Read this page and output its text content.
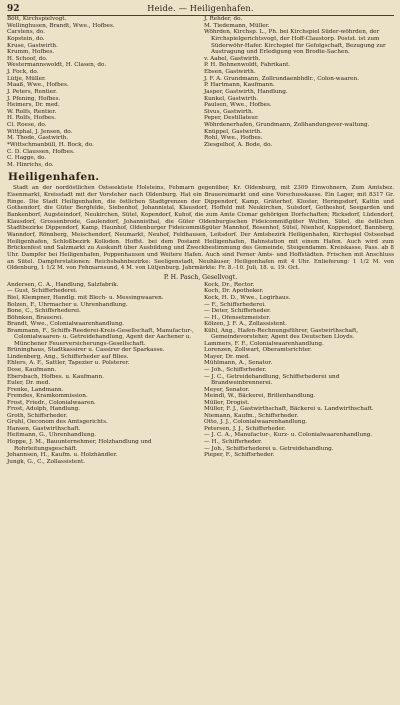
92	Heide. — Heiligenhafen.
Bött, Kirchspielvogt.
Wellinghusen, Brandt, Wwe., Hofbes.
Carstens, do.
Kopstein, do.
Kruse, Gastwirth.
Krumm, Hofbes.
H. Schoof, do.
Westermannswoldt, H. Clasen, do.
J. Fock, do.
Lütje, Müller.
Maaß, Wwe., Hofbes.
J. Peters, Rentier.
J. Pfening, Hofbes.
Heimers, Dr. med.
W. Rolfs, Rentier.
H. Rolfs, Hofbes.
Cl. Roese, do.
Wittphal, J. Jensen, do.
M. Thode, Gastwirth.
*Wittschmanbüll, H. Bock, do.
C. D. Claussen, Hofbes.
C. Hagge, do.
M. Hinrichs, do.
J. Rehder, do.
M. Tiedemann, Müller.
Wöhrden, Kirchsp. L., Ph. bei Kirchspiel Süder-wöhrden, der Kirchspielgerichtsvogt, der Hoff-Claustorp. Postst. ist zum Süderwöhr-Hafer. Kirchspiel für Gefolgschaft, Bezugung zur Austragung und Erledigung von Brodte-Sachen.
v. Aabel, Gastwirth.
P. H. Bohnenwoldt, Fabrikant.
Ebsen, Gastwirth.
J. F. A. Grundmann, Zollrundaenbhdlr., Colon-waaren.
P. Hartmann, Kaufmann.
Jasper, Gastwirth, Handlung.
Kunkel, Gastwirth.
Paulsen, Wwe., Hofbes.
Sivus, Gastwirth.
Peper, Destillateur.
Wöhrdenerhafen, Grundmann, Zollhandungsver-waltung.
Knüppel, Gastwirth.
Rohl, Wwe., Hofbes.
Ziesgelhof, A. Bode, do.
Heiligenhafen.

Stadt an der nordöstlichen Ostseeküste Holsteins, Fehmarn gegenüber, Kr. Oldenburg, mit 2309 Einwohnern, Zum Amtsbez. Eisenmarkt, Kreisstadt mit der Vorsteher nach Oldenburg. Hat ein Brauereimarkt und eine Vorschusskasse. Ein Lager, mit 8317 Gr. Ringe. Die Stadt Heiligenhafen, die östlichen Stadtgrenzen der Dippendorf, Kamp, Gräterhof, Kloster, Heringsdorf, Kattin und Gothendorf, die Güter Bergfelde, Siebenhof, Johannistal, Klausdorf, Hoffeld mit Neukirchen, Sulsdorf, Gotheshof, Seegarden und Bankenborf, Augsteindorf, Neukirchen, Sütel, Kopendorf, Kuhof, die zum Amte Cismar gehörigen Dorfschaften; Ricksdorf, Lüdendorf, Klausdorf, Grossenbrode, Gaulendorf, Johannisthal, die Güter Oldenburgischen Fideicommißgüter Wulfen, Sütel, die östlichen Stadtbezirke Dippendorf, Kamp, Haunhof, Oldenburger Fideicommißgüter Mannhof, Rosenhof, Sütel, Nienhof, Koppendorf, Bannberg, Wanndorf, Rönnberg, Meischendorf, Neumarkt, Neuhof, Feldhausen, Leitsdorf. Der Amtsbezirk Heiligenhafen, Kirchspiel Ostseebad Heiligenhafen, Schloßbezirk Kolloden. Hoffst. bei dem Postamt Heiligenhafen, Bahnstation mit einem Hafen. Auch wird zum Brückenfest und Salzmarkt zu Auskunft über Ausbildung und Zweckbestimmung des Gemeinde, Steigendamm. Kreiskasse, Pass. ab 8 Uhr. Dampfer bei Heiligenhafen, Poppenhausen und Weitere Hafen. Auch sind Ferner Amts- und Hoffstädten. Frischen mit Anschluss an Sütel. Dampferstationen: Reichsbahnbezirke: Seeligenstadt, Neuhäuser, Heiligenhafen mit 4 Uhr. Enlieferung: 1 1/2 M. von Oldenburg, 1 1/2 M. von Fehmarnsund, 4 M. von Lütjenburg. Jahrmärkte: Fr. 8.–10. Juli, 18. u. 19. Oct.

P. H. Pasch, Gesellvogt.
Andersen, C. A., Handlung, Salzfabrik.
— Gust, Schiffsrhederei.
Biel, Klempner, Handlg. mit Blech- u. Messingwaaren.
Bolzen, F., Uhrmacher u. Uhrenhandlung.
Bone, C., Schiffsrhederei.
Böhnken, Brauerei.
Brandt, Wwe., Colonialwaarenhandlung.
Brammann, F., Schiffs-Reederei-Kreis-Gesellschaft, Manufactur-, Colonialwaaren- u. Getreidehandlung, Agent der Aachener u. Münchener Feuerversicherungs-Gesellschaft.
Brüninghaus, Stadtkassirer u. Cassirer der Sparkasse.
Lindenberg, Ang., Schiffsrheder auf Blies.
Ehlers, A. F., Sattler, Tapezier u. Polsterer.
Dose, Kaufmann.
Ebersbach, Hofbes. u. Kaufmann.
Euler, Dr. med.
Frenke, Landmann.
Fremdes, Kramkommission.
Frost, Friedr., Colonialwaaren.
Frost, Adolph, Handlung.
Groth, Schiffsrheder.
Gruhl, Oeconom des Amtsgerichts.
Hansen, Gastwirthschaft.
Heitmann, G., Uhrenhandlung.
Hoppe, J. M., Bauunternehmer, Holzhandlung und Rohrleitungsgeschäft.
Johannsen, H., Kaufm. u. Holzhändler.
Jungk, G., C., Zollassistent.
Kock, Dr., Rector.
Koch, Dr. Apotheker.
Kock, H. D., Wwe., Logirhaus.
— F., Schiffsrhederei.
— Deter, Schiffsrheder.
— H., Ofensetzmeister.
Kölzen, J. F. A., Zollassistent.
Kühl, Ang., Hafen-Rechnungsführer, Gastwirthschaft, Gemeindevorsteher, Agent des Deutschen Lloyds.
Lammers, F. F., Colonialwaarenhandlung.
Lorenzen, Zollwart, Oberamtsrichter.
Mayer, Dr. med.
Mühlmann, A., Senator.
— Joh., Schiffsrheder.
— J. C., Getreidehandlung, Schiffsrhederei und Brandweinbrennerei.
Meyer, Senator.
Meindl, W., Bäckerei, Brillenhandlung.
Müller, Drogist.
Müller, F. J., Gastwirthschaft, Bäckerei u. Landwirthschaft.
Niemann, Kaufm., Schiffsrheder.
Otto, J. J., Colonialwaarenhandlung.
Petersen, J. J., Schiffsrheder.
— J. C. A., Manufactur-, Kurz- u. Colonialwaarenhandlung.
— H., Schiffsrheder.
— Joh., Schiffsrhederei u. Getreidehandlung.
Pieper, F., Schiffsrheder.
